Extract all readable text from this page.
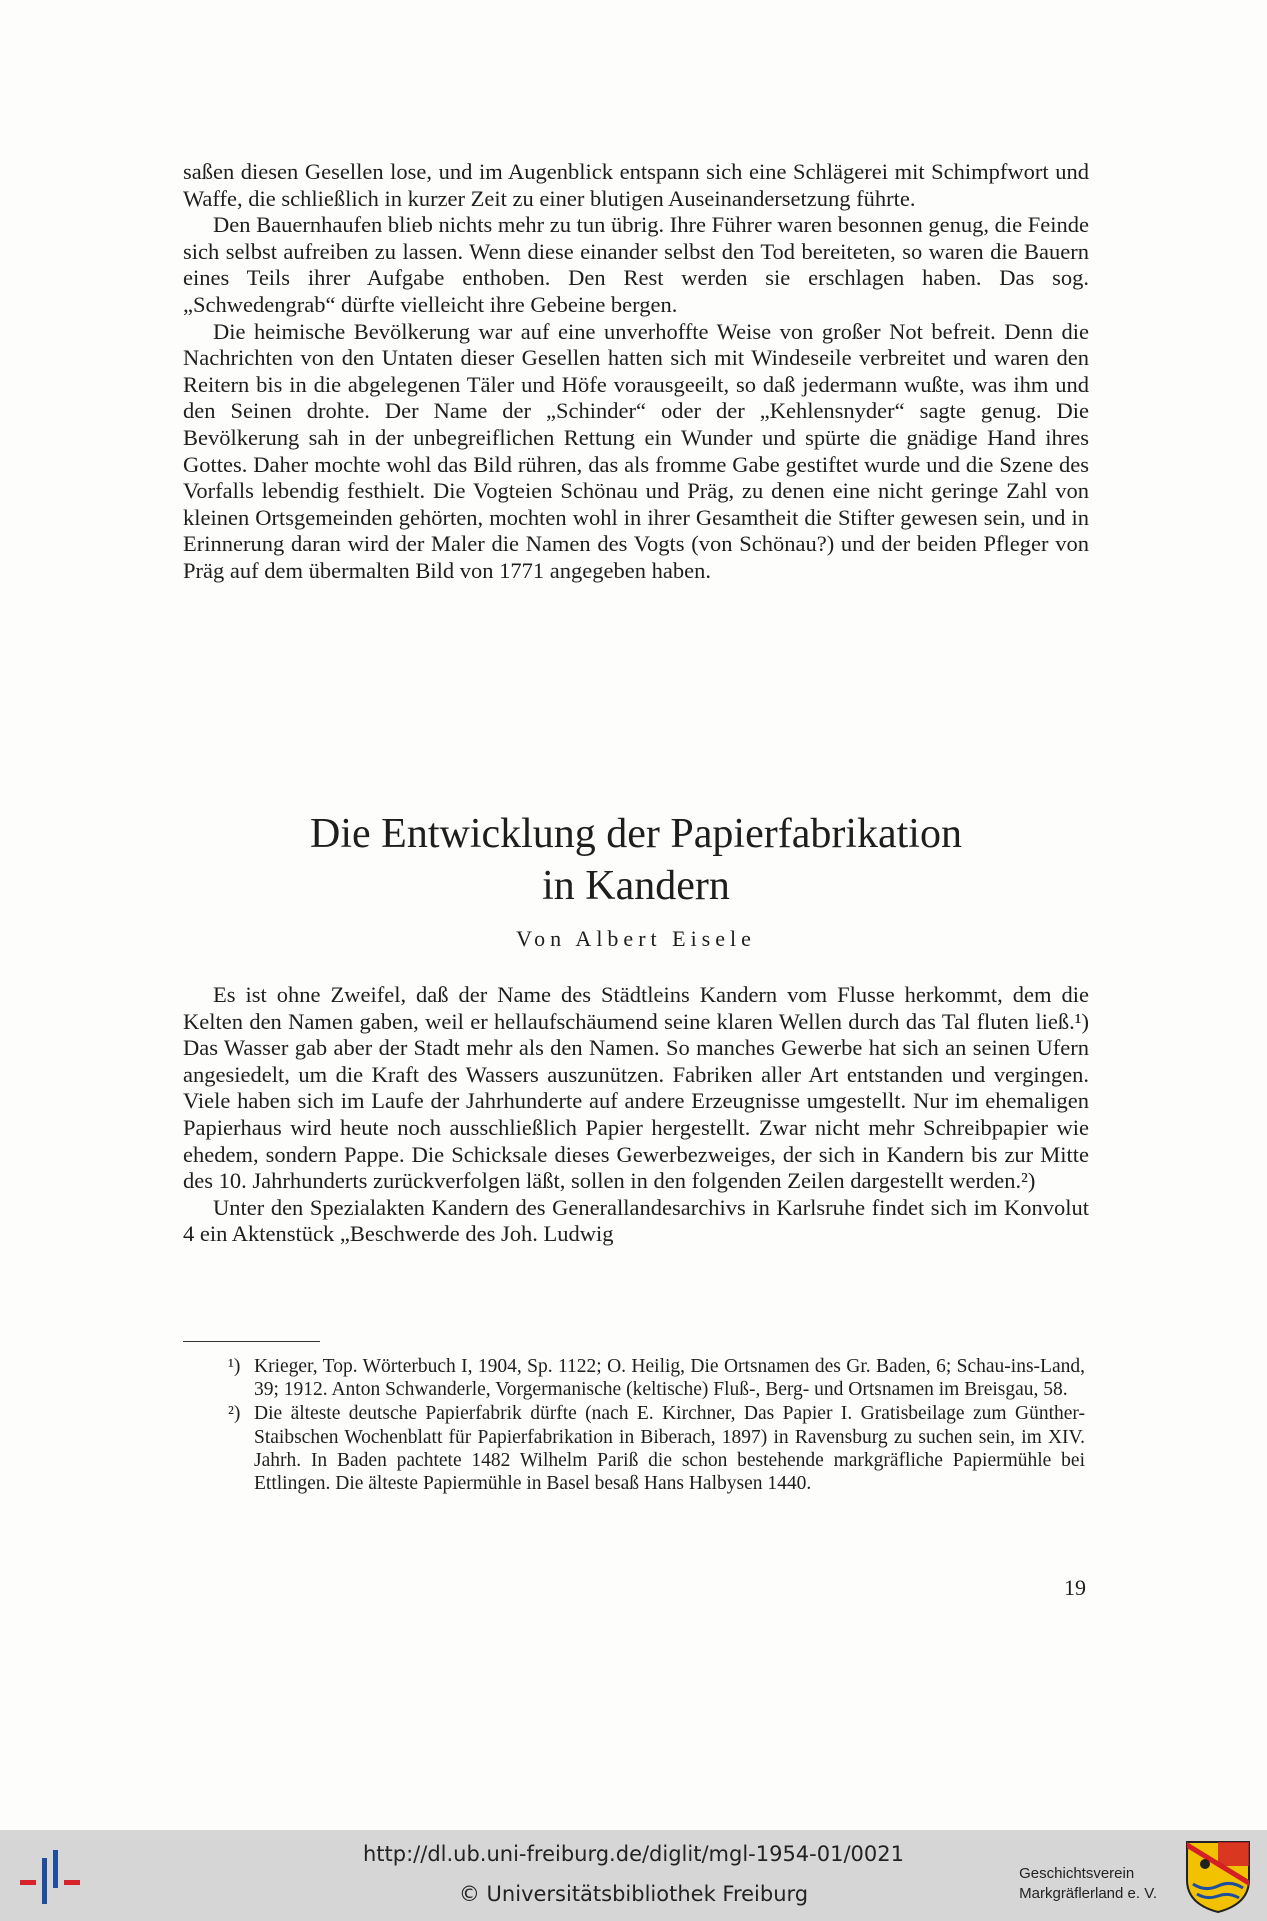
saßen diesen Gesellen lose, und im Augenblick entspann sich eine Schlägerei mit Schimpfwort und Waffe, die schließlich in kurzer Zeit zu einer blutigen Auseinandersetzung führte.

Den Bauernhaufen blieb nichts mehr zu tun übrig. Ihre Führer waren besonnen genug, die Feinde sich selbst aufreiben zu lassen. Wenn diese einander selbst den Tod bereiteten, so waren die Bauern eines Teils ihrer Aufgabe enthoben. Den Rest werden sie erschlagen haben. Das sog. „Schwedengrab“ dürfte vielleicht ihre Gebeine bergen.

Die heimische Bevölkerung war auf eine unverhoffte Weise von großer Not befreit. Denn die Nachrichten von den Untaten dieser Gesellen hatten sich mit Windeseile verbreitet und waren den Reitern bis in die abgelegenen Täler und Höfe vorausgeeilt, so daß jedermann wußte, was ihm und den Seinen drohte. Der Name der „Schinder“ oder der „Kehlensnyder“ sagte genug. Die Bevölkerung sah in der unbegreiflichen Rettung ein Wunder und spürte die gnädige Hand ihres Gottes. Daher mochte wohl das Bild rühren, das als fromme Gabe gestiftet wurde und die Szene des Vorfalls lebendig festhielt. Die Vogteien Schönau und Präg, zu denen eine nicht geringe Zahl von kleinen Ortsgemeinden gehörten, mochten wohl in ihrer Gesamtheit die Stifter gewesen sein, und in Erinnerung daran wird der Maler die Namen des Vogts (von Schönau?) und der beiden Pfleger von Präg auf dem übermalten Bild von 1771 angegeben haben.

Die Entwicklung der Papierfabrikation
in Kandern
Von Albert Eisele

Es ist ohne Zweifel, daß der Name des Städtleins Kandern vom Flusse herkommt, dem die Kelten den Namen gaben, weil er hellaufschäumend seine klaren Wellen durch das Tal fluten ließ.¹) Das Wasser gab aber der Stadt mehr als den Namen. So manches Gewerbe hat sich an seinen Ufern angesiedelt, um die Kraft des Wassers auszunützen. Fabriken aller Art entstanden und vergingen. Viele haben sich im Laufe der Jahrhunderte auf andere Erzeugnisse umgestellt. Nur im ehemaligen Papierhaus wird heute noch ausschließlich Papier hergestellt. Zwar nicht mehr Schreibpapier wie ehedem, sondern Pappe. Die Schicksale dieses Gewerbezweiges, der sich in Kandern bis zur Mitte des 10. Jahrhunderts zurückverfolgen läßt, sollen in den folgenden Zeilen dargestellt werden.²)

Unter den Spezialakten Kandern des Generallandesarchivs in Karlsruhe findet sich im Konvolut 4 ein Aktenstück „Beschwerde des Joh. Ludwig

¹) Krieger, Top. Wörterbuch I, 1904, Sp. 1122; O. Heilig, Die Ortsnamen des Gr. Baden, 6; Schau-ins-Land, 39; 1912. Anton Schwanderle, Vorgermanische (keltische) Fluß-, Berg- und Ortsnamen im Breisgau, 58.
²) Die älteste deutsche Papierfabrik dürfte (nach E. Kirchner, Das Papier I. Gratisbeilage zum Günther-Staibschen Wochenblatt für Papierfabrikation in Biberach, 1897) in Ravensburg zu suchen sein, im XIV. Jahrh. In Baden pachtete 1482 Wilhelm Pariß die schon bestehende markgräfliche Papiermühle bei Ettlingen. Die älteste Papiermühle in Basel besaß Hans Halbysen 1440.
19
http://dl.ub.uni-freiburg.de/diglit/mgl-1954-01/0021
© Universitätsbibliothek Freiburg
Geschichtsverein
Markgräflerland e. V.
